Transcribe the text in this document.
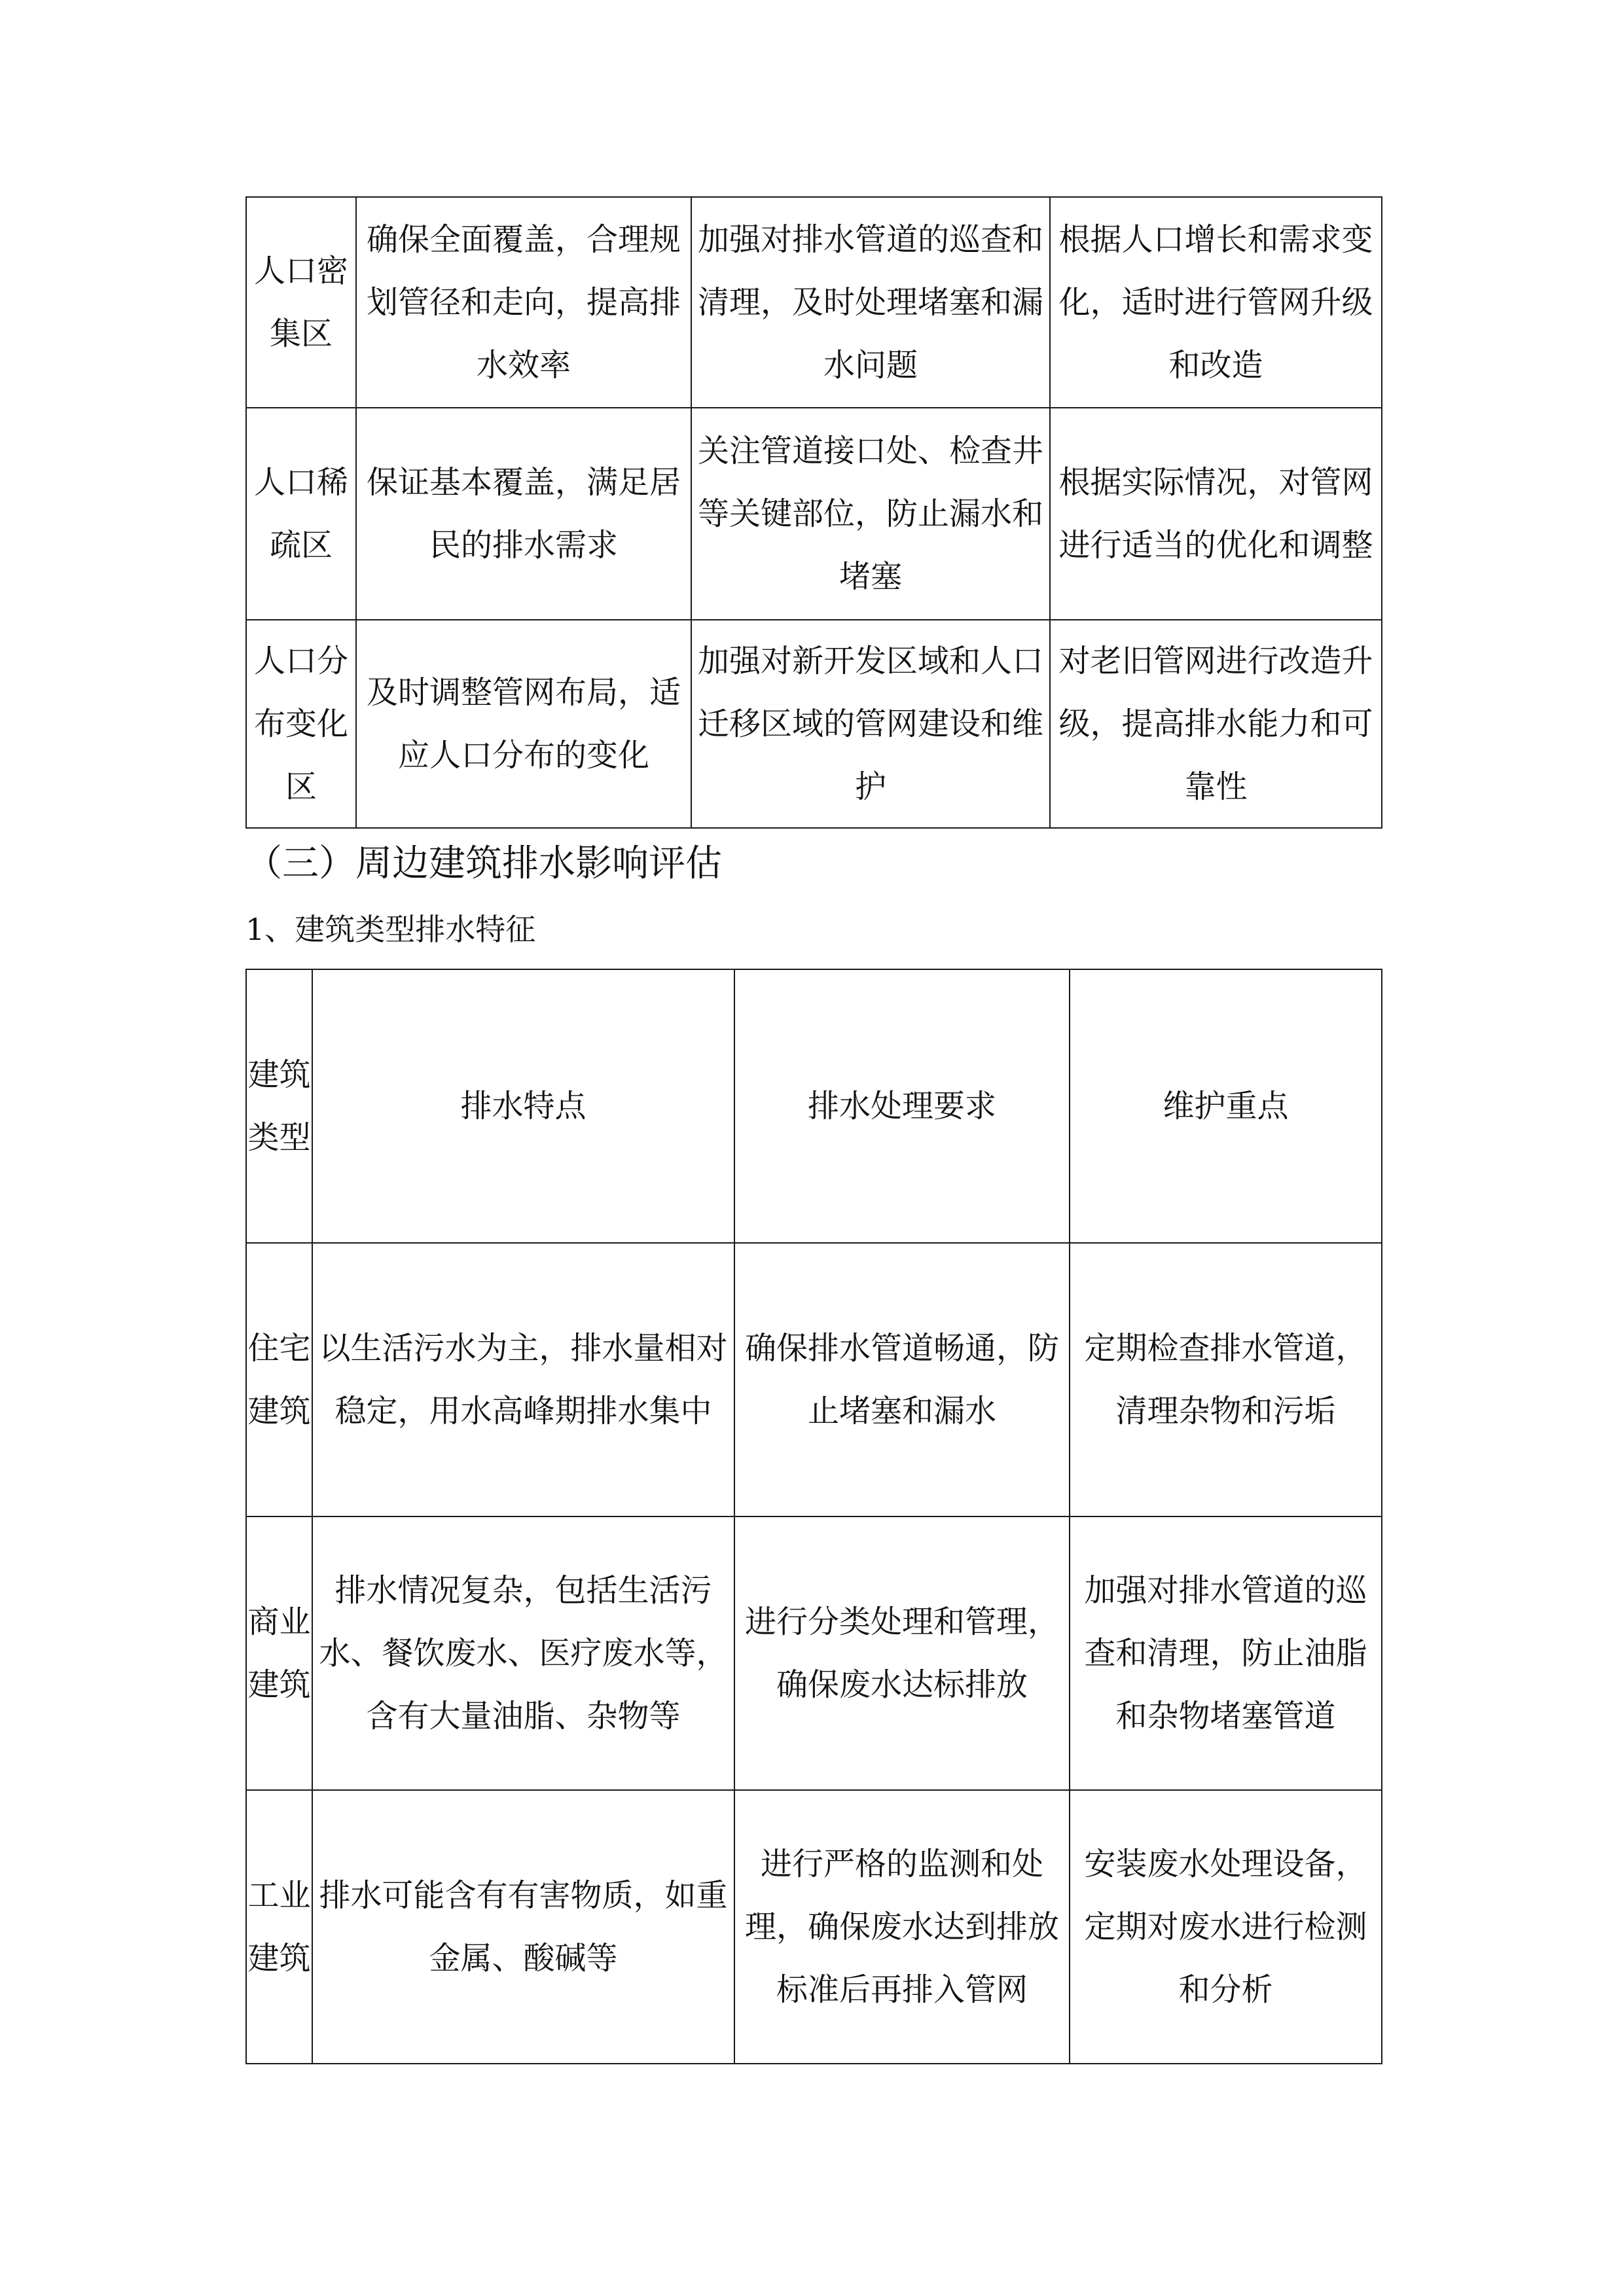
人口密集区	确保全面覆盖，合理规划管径和走向，提高排水效率	加强对排水管道的巡查和清理，及时处理堵塞和漏水问题	根据人口增长和需求变化，适时进行管网升级和改造
人口稀疏区	保证基本覆盖，满足居民的排水需求	关注管道接口处、检查井等关键部位，防止漏水和堵塞	根据实际情况，对管网进行适当的优化和调整
人口分布变化区	及时调整管网布局，适应人口分布的变化	加强对新开发区域和人口迁移区域的管网建设和维护	对老旧管网进行改造升级，提高排水能力和可靠性
（三）周边建筑排水影响评估
1、建筑类型排水特征
建筑类型	排水特点	排水处理要求	维护重点
住宅建筑	以生活污水为主，排水量相对稳定，用水高峰期排水集中	确保排水管道畅通，防止堵塞和漏水	定期检查排水管道，清理杂物和污垢
商业建筑	排水情况复杂，包括生活污水、餐饮废水、医疗废水等，含有大量油脂、杂物等	进行分类处理和管理，确保废水达标排放	加强对排水管道的巡查和清理，防止油脂和杂物堵塞管道
工业建筑	排水可能含有有害物质，如重金属、酸碱等	进行严格的监测和处理，确保废水达到排放标准后再排入管网	安装废水处理设备，定期对废水进行检测和分析
